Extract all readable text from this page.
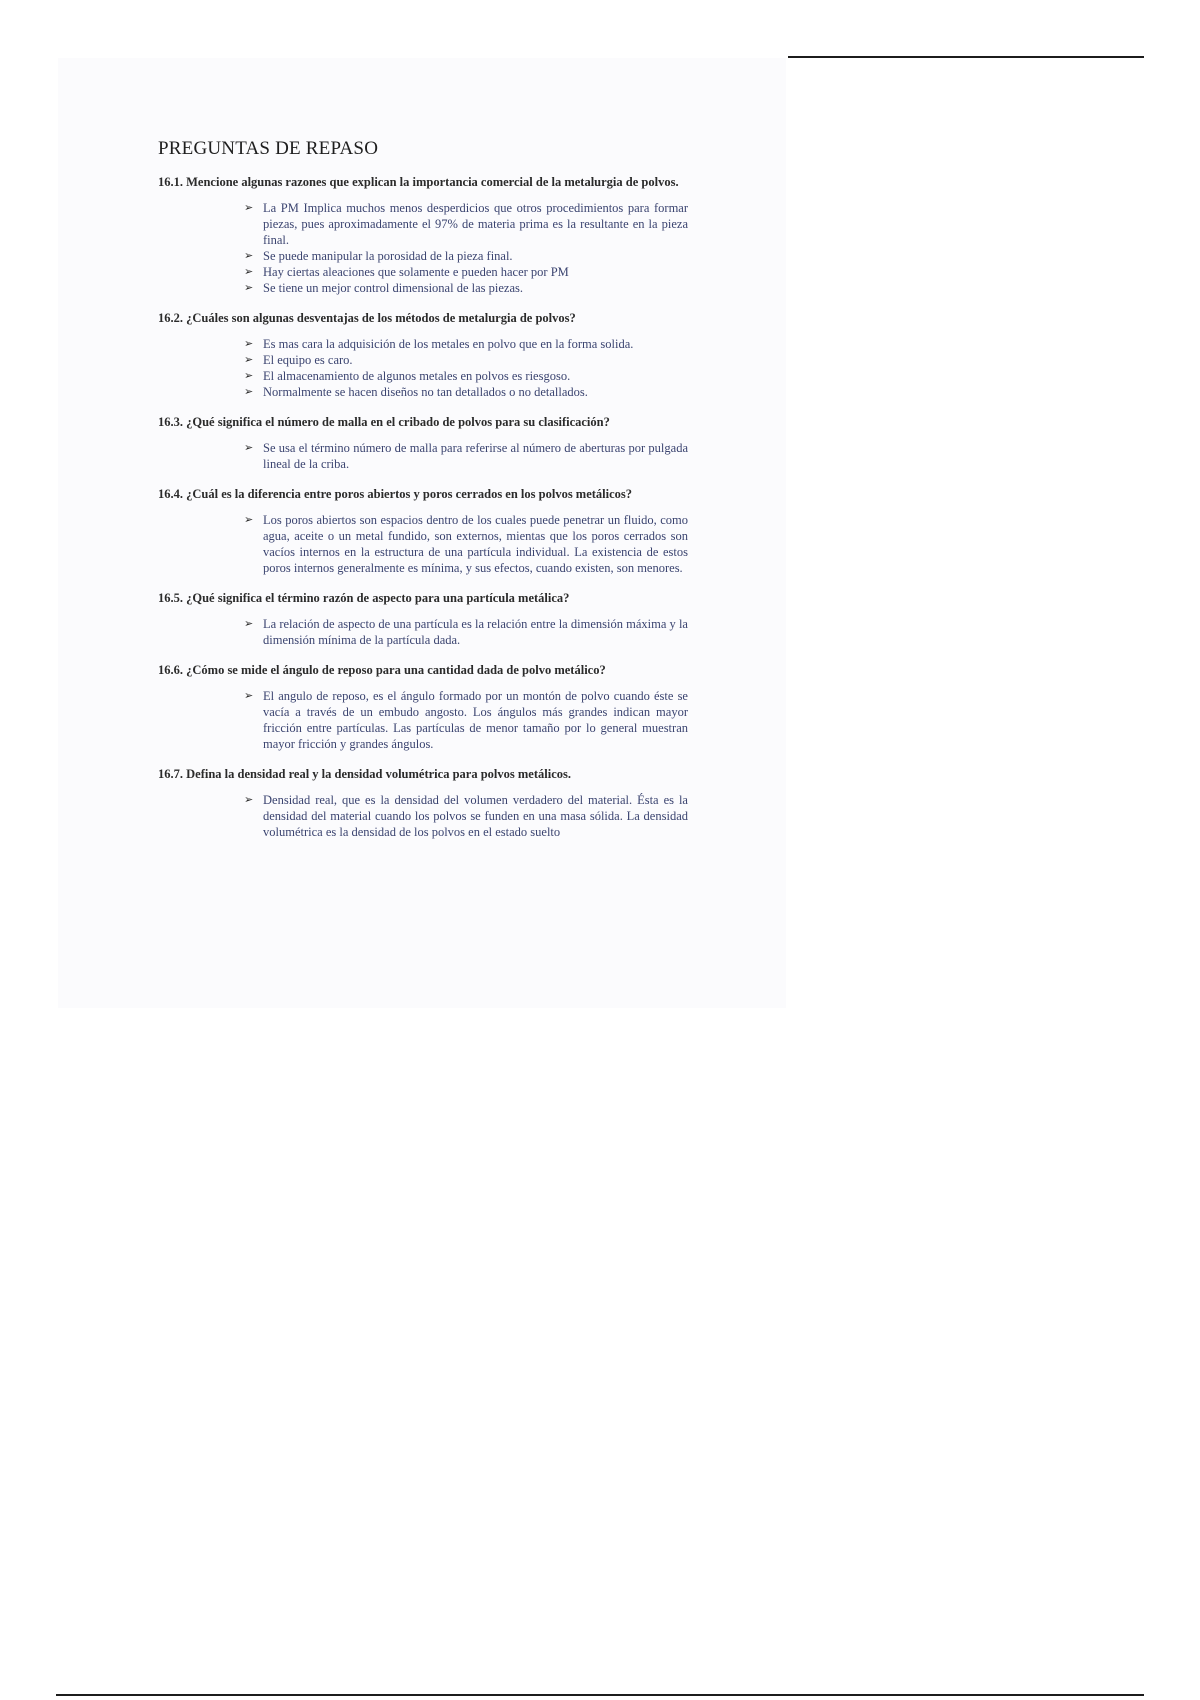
PREGUNTAS DE REPASO

16.1. Mencione algunas razones que explican la importancia comercial de la metalurgia de polvos.

➢ La PM Implica muchos menos desperdicios que otros procedimientos para formar piezas, pues aproximadamente el 97% de materia prima es la resultante en la pieza final.
➢ Se puede manipular la porosidad de la pieza final.
➢ Hay ciertas aleaciones que solamente e pueden hacer por PM
➢ Se tiene un mejor control dimensional de las piezas.

16.2. ¿Cuáles son algunas desventajas de los métodos de metalurgia de polvos?

➢ Es mas cara la adquisición de los metales en polvo que en la forma solida.
➢ El equipo es caro.
➢ El almacenamiento de algunos metales en polvos es riesgoso.
➢ Normalmente se hacen diseños no tan detallados o no detallados.

16.3. ¿Qué significa el número de malla en el cribado de polvos para su clasificación?

➢ Se usa el término número de malla para referirse al número de aberturas por pulgada lineal de la criba.

16.4. ¿Cuál es la diferencia entre poros abiertos y poros cerrados en los polvos metálicos?

➢ Los poros abiertos son espacios dentro de los cuales puede penetrar un fluido, como agua, aceite o un metal fundido, son externos, mientas que los poros cerrados son vacíos internos en la estructura de una partícula individual. La existencia de estos poros internos generalmente es mínima, y sus efectos, cuando existen, son menores.

16.5. ¿Qué significa el término razón de aspecto para una partícula metálica?

➢ La relación de aspecto de una partícula es la relación entre la dimensión máxima y la dimensión mínima de la partícula dada.

16.6. ¿Cómo se mide el ángulo de reposo para una cantidad dada de polvo metálico?

➢ El angulo de reposo, es el ángulo formado por un montón de polvo cuando éste se vacía a través de un embudo angosto. Los ángulos más grandes indican mayor fricción entre partículas. Las partículas de menor tamaño por lo general muestran mayor fricción y grandes ángulos.

16.7. Defina la densidad real y la densidad volumétrica para polvos metálicos.

➢ Densidad real, que es la densidad del volumen verdadero del material. Ésta es la densidad del material cuando los polvos se funden en una masa sólida. La densidad volumétrica es la densidad de los polvos en el estado suelto
